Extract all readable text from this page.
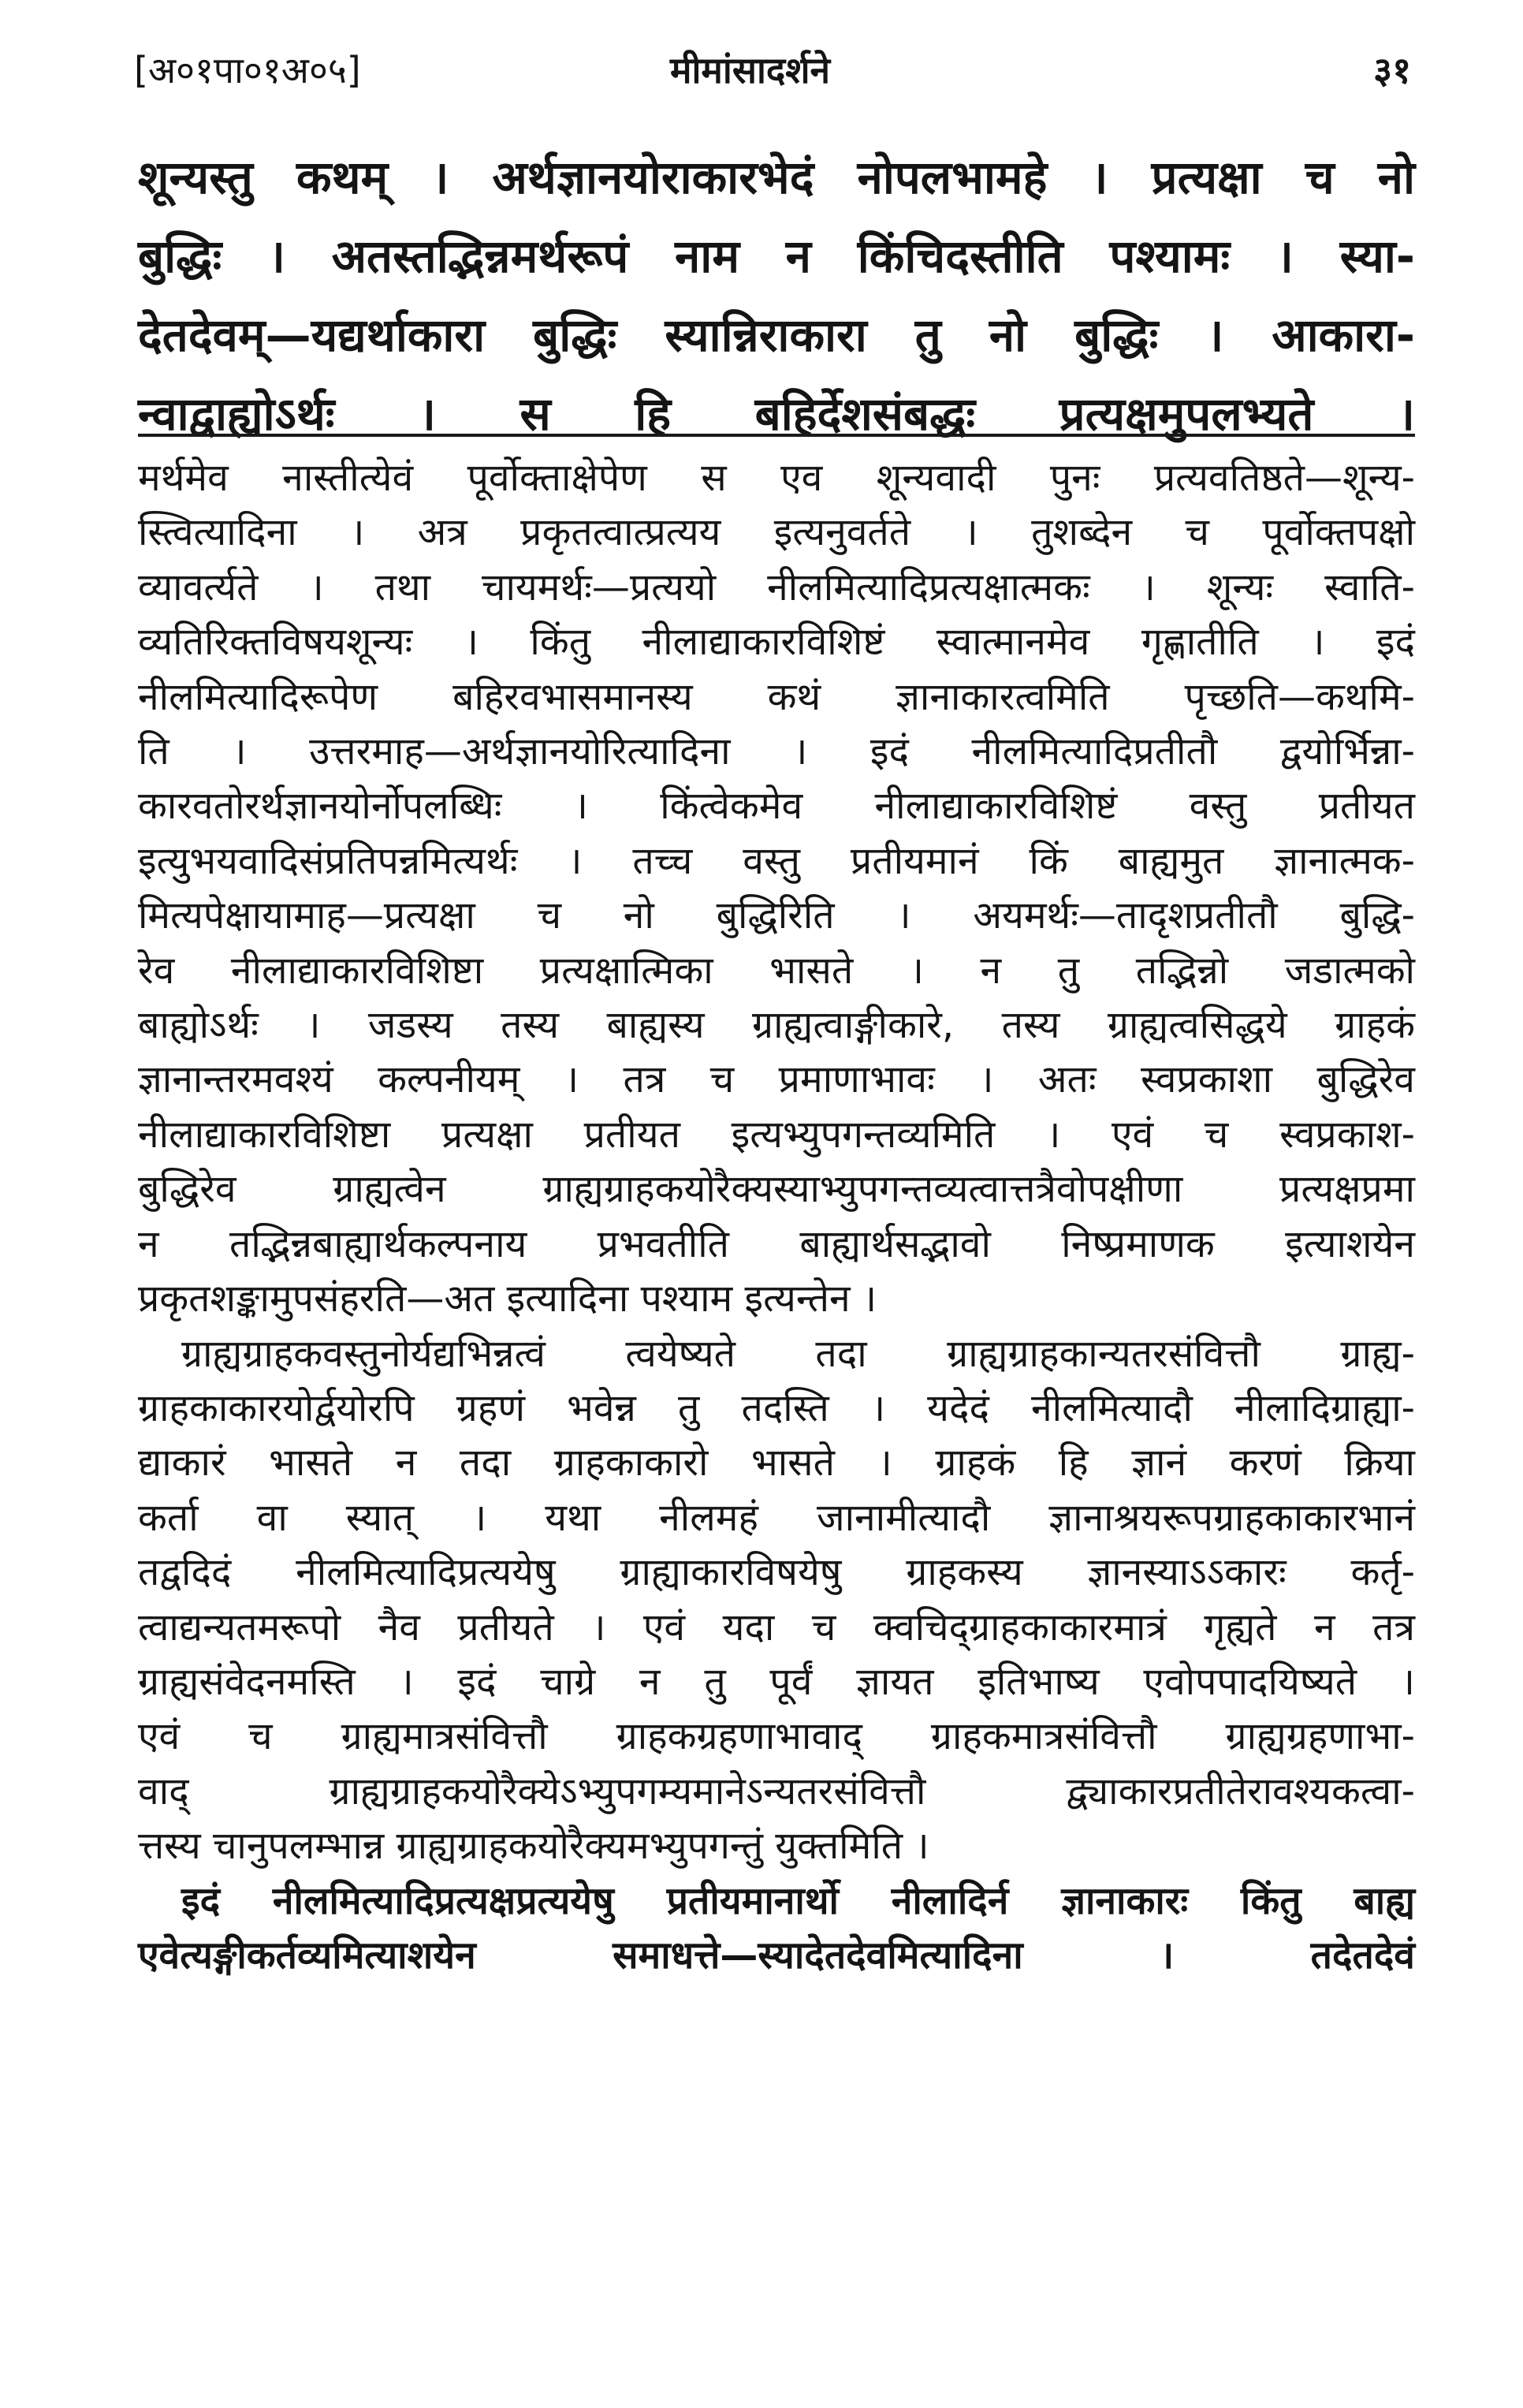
[अ०१पा०१अ०५]	मीमांसादर्शने	३१

शून्यस्तु कथम् । अर्थज्ञानयोराकारभेदं नोपलभामहे । प्रत्यक्षा च नो

बुद्धिः । अतस्तद्भिन्नमर्थरूपं नाम न किंचिदस्तीति पश्यामः । स्या-

देतदेवम्—यद्यर्थाकारा बुद्धिः स्यान्निराकारा तु नो बुद्धिः । आकारा-

न्वाद्वाह्योऽर्थः । स हि बहिर्देशसंबद्धः प्रत्यक्षमुपलभ्यते ।

मर्थमेव नास्तीत्येवं पूर्वोक्ताक्षेपेण स एव शून्यवादी पुनः प्रत्यवतिष्ठते—शून्य-

स्त्वित्यादिना । अत्र प्रकृतत्वात्प्रत्यय इत्यनुवर्तते । तुशब्देन च पूर्वोक्तपक्षो

व्यावर्त्यते । तथा चायमर्थः—प्रत्ययो नीलमित्यादिप्रत्यक्षात्मकः । शून्यः स्वाति-

व्यतिरिक्तविषयशून्यः । किंतु नीलाद्याकारविशिष्टं स्वात्मानमेव गृह्णातीति । इदं

नीलमित्यादिरूपेण बहिरवभासमानस्य कथं ज्ञानाकारत्वमिति पृच्छति—कथमि-

ति । उत्तरमाह—अर्थज्ञानयोरित्यादिना । इदं नीलमित्यादिप्रतीतौ द्वयोर्भिन्ना-

कारवतोरर्थज्ञानयोर्नोपलब्धिः । किंत्वेकमेव नीलाद्याकारविशिष्टं वस्तु प्रतीयत

इत्युभयवादिसंप्रतिपन्नमित्यर्थः । तच्च वस्तु प्रतीयमानं किं बाह्यमुत ज्ञानात्मक-

मित्यपेक्षायामाह—प्रत्यक्षा च नो बुद्धिरिति । अयमर्थः—तादृशप्रतीतौ बुद्धि-

रेव नीलाद्याकारविशिष्टा प्रत्यक्षात्मिका भासते । न तु तद्भिन्नो जडात्मको

बाह्योऽर्थः । जडस्य तस्य बाह्यस्य ग्राह्यत्वाङ्गीकारे, तस्य ग्राह्यत्वसिद्धये ग्राहकं

ज्ञानान्तरमवश्यं कल्पनीयम् । तत्र च प्रमाणाभावः । अतः स्वप्रकाशा बुद्धिरेव

नीलाद्याकारविशिष्टा प्रत्यक्षा प्रतीयत इत्यभ्युपगन्तव्यमिति । एवं च स्वप्रकाश-

बुद्धिरेव ग्राह्यत्वेन ग्राह्यग्राहकयोरैक्यस्याभ्युपगन्तव्यत्वात्तत्रैवोपक्षीणा प्रत्यक्षप्रमा

न तद्भिन्नबाह्यार्थकल्पनाय प्रभवतीति बाह्यार्थसद्भावो निष्प्रमाणक इत्याशयेन

प्रकृतशङ्कामुपसंहरति—अत इत्यादिना पश्याम इत्यन्तेन ।

ग्राह्यग्राहकवस्तुनोर्यद्यभिन्नत्वं त्वयेष्यते तदा ग्राह्यग्राहकान्यतरसंवित्तौ ग्राह्य-

ग्राहकाकारयोर्द्वयोरपि ग्रहणं भवेन्न तु तदस्ति । यदेदं नीलमित्यादौ नीलादिग्राह्या-

द्याकारं भासते न तदा ग्राहकाकारो भासते । ग्राहकं हि ज्ञानं करणं क्रिया

कर्ता वा स्यात् । यथा नीलमहं जानामीत्यादौ ज्ञानाश्रयरूपग्राहकाकारभानं

तद्वदिदं नीलमित्यादिप्रत्ययेषु ग्राह्याकारविषयेषु ग्राहकस्य ज्ञानस्याऽऽकारः कर्तृ-

त्वाद्यन्यतमरूपो नैव प्रतीयते । एवं यदा च क्वचिद्ग्राहकाकारमात्रं गृह्यते न तत्र

ग्राह्यसंवेदनमस्ति । इदं चाग्रे न तु पूर्वं ज्ञायत इतिभाष्य एवोपपादयिष्यते ।

एवं च ग्राह्यमात्रसंवित्तौ ग्राहकग्रहणाभावाद् ग्राहकमात्रसंवित्तौ ग्राह्यग्रहणाभा-

वाद् ग्राह्यग्राहकयोरैक्येऽभ्युपगम्यमानेऽन्यतरसंवित्तौ द्व्याकारप्रतीतेरावश्यकत्वा-

त्तस्य चानुपलम्भान्न ग्राह्यग्राहकयोरैक्यमभ्युपगन्तुं युक्तमिति ।

इदं नीलमित्यादिप्रत्यक्षप्रत्ययेषु प्रतीयमानार्थो नीलादिर्न ज्ञानाकारः किंतु बाह्य

एवेत्यङ्गीकर्तव्यमित्याशयेन समाधत्ते—स्यादेतदेवमित्यादिना । तदेतदेवं
